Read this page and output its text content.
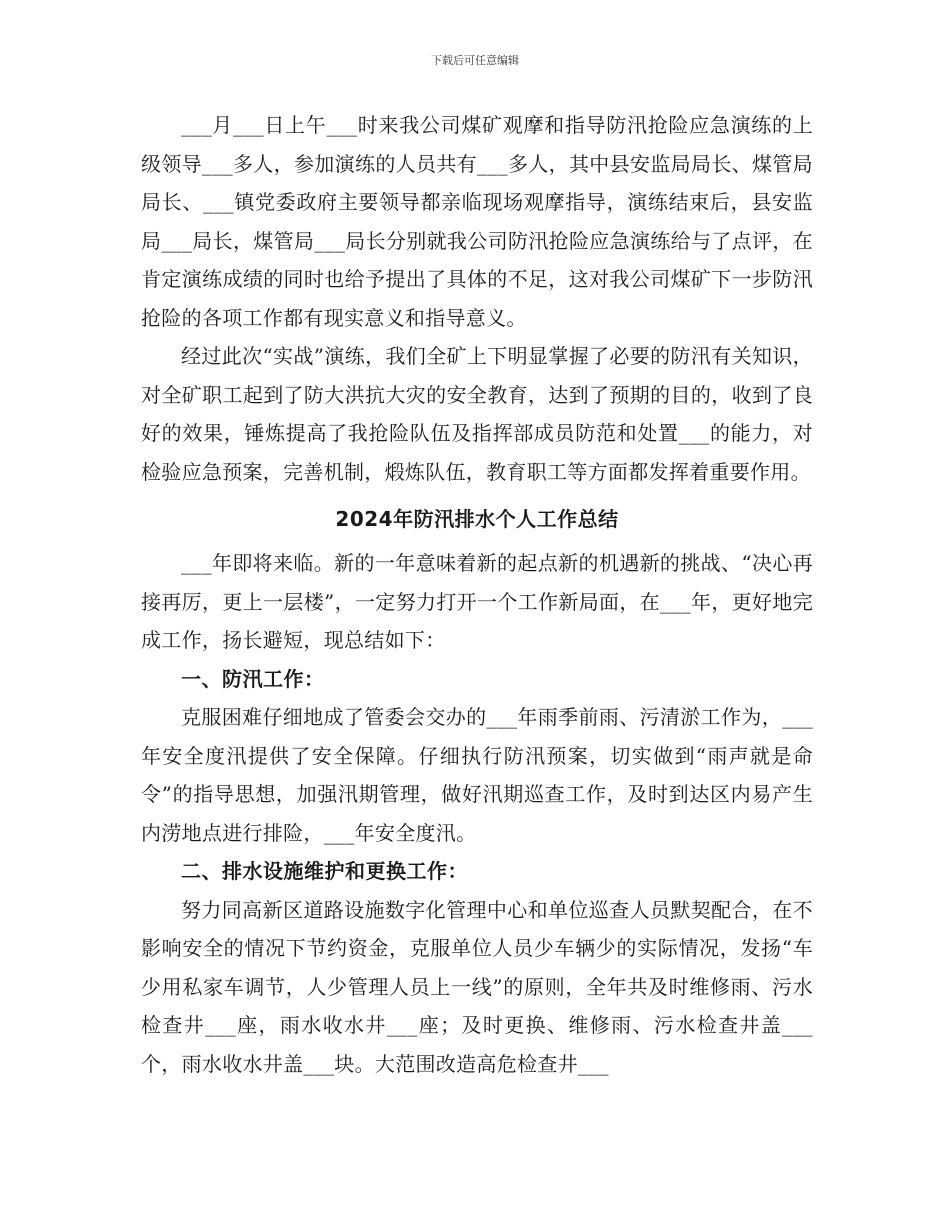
下载后可任意编辑

___月___日上午___时来我公司煤矿观摩和指导防汛抢险应急演练的上级领导___多人，参加演练的人员共有___多人，其中县安监局局长、煤管局局长、___镇党委政府主要领导都亲临现场观摩指导，演练结束后，县安监局___局长，煤管局___局长分别就我公司防汛抢险应急演练给与了点评，在肯定演练成绩的同时也给予提出了具体的不足，这对我公司煤矿下一步防汛抢险的各项工作都有现实意义和指导意义。

经过此次“实战”演练，我们全矿上下明显掌握了必要的防汛有关知识，对全矿职工起到了防大洪抗大灾的安全教育，达到了预期的目的，收到了良好的效果，锤炼提高了我抢险队伍及指挥部成员防范和处置___的能力，对检验应急预案，完善机制，煅炼队伍，教育职工等方面都发挥着重要作用。

2024年防汛排水个人工作总结

___年即将来临。新的一年意味着新的起点新的机遇新的挑战、“决心再接再厉，更上一层楼”，一定努力打开一个工作新局面，在___年，更好地完成工作，扬长避短，现总结如下：

一、防汛工作：

克服困难仔细地成了管委会交办的___年雨季前雨、污清淤工作为，___年安全度汛提供了安全保障。仔细执行防汛预案，切实做到“雨声就是命令”的指导思想，加强汛期管理，做好汛期巡查工作，及时到达区内易产生内涝地点进行排险，___年安全度汛。

二、排水设施维护和更换工作：

努力同高新区道路设施数字化管理中心和单位巡查人员默契配合，在不影响安全的情况下节约资金，克服单位人员少车辆少的实际情况，发扬“车少用私家车调节，人少管理人员上一线”的原则，全年共及时维修雨、污水检查井___座，雨水收水井___座；及时更换、维修雨、污水检查井盖___个，雨水收水井盖___块。大范围改造高危检查井___
